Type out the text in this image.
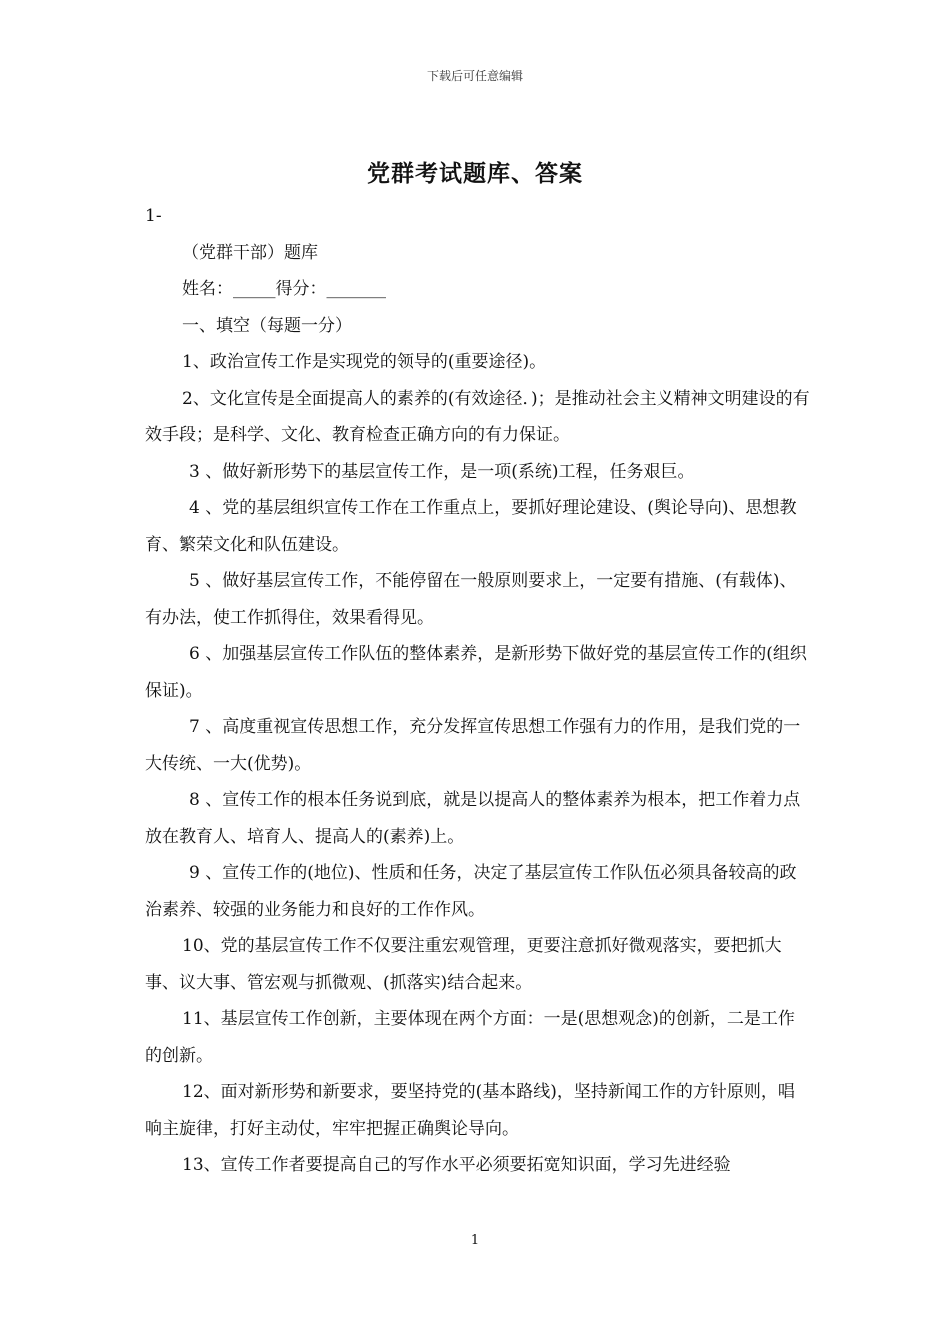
下载后可任意编辑
党群考试题库、答案

1-

（党群干部）题库

姓名：_____得分：_______

一、填空（每题一分）

1、政治宣传工作是实现党的领导的(重要途径)。

2、文化宣传是全面提高人的素养的(有效途径．)；是推动社会主义精神文明建设的有效手段；是科学、文化、教育检查正确方向的有力保证。

3 、做好新形势下的基层宣传工作，是一项(系统)工程，任务艰巨。

4 、党的基层组织宣传工作在工作重点上，要抓好理论建设、(舆论导向)、思想教育、繁荣文化和队伍建设。

5 、做好基层宣传工作，不能停留在一般原则要求上，一定要有措施、(有载体)、有办法，使工作抓得住，效果看得见。

6 、加强基层宣传工作队伍的整体素养，是新形势下做好党的基层宣传工作的(组织保证)。

7 、高度重视宣传思想工作，充分发挥宣传思想工作强有力的作用，是我们党的一大传统、一大(优势)。

8 、宣传工作的根本任务说到底，就是以提高人的整体素养为根本，把工作着力点放在教育人、培育人、提高人的(素养)上。

9 、宣传工作的(地位)、性质和任务，决定了基层宣传工作队伍必须具备较高的政治素养、较强的业务能力和良好的工作作风。

10、党的基层宣传工作不仅要注重宏观管理，更要注意抓好微观落实，要把抓大事、议大事、管宏观与抓微观、(抓落实)结合起来。

11、基层宣传工作创新，主要体现在两个方面：一是(思想观念)的创新，二是工作的创新。

12、面对新形势和新要求，要坚持党的(基本路线)，坚持新闻工作的方针原则，唱响主旋律，打好主动仗，牢牢把握正确舆论导向。

13、宣传工作者要提高自己的写作水平必须要拓宽知识面，学习先进经验

1
